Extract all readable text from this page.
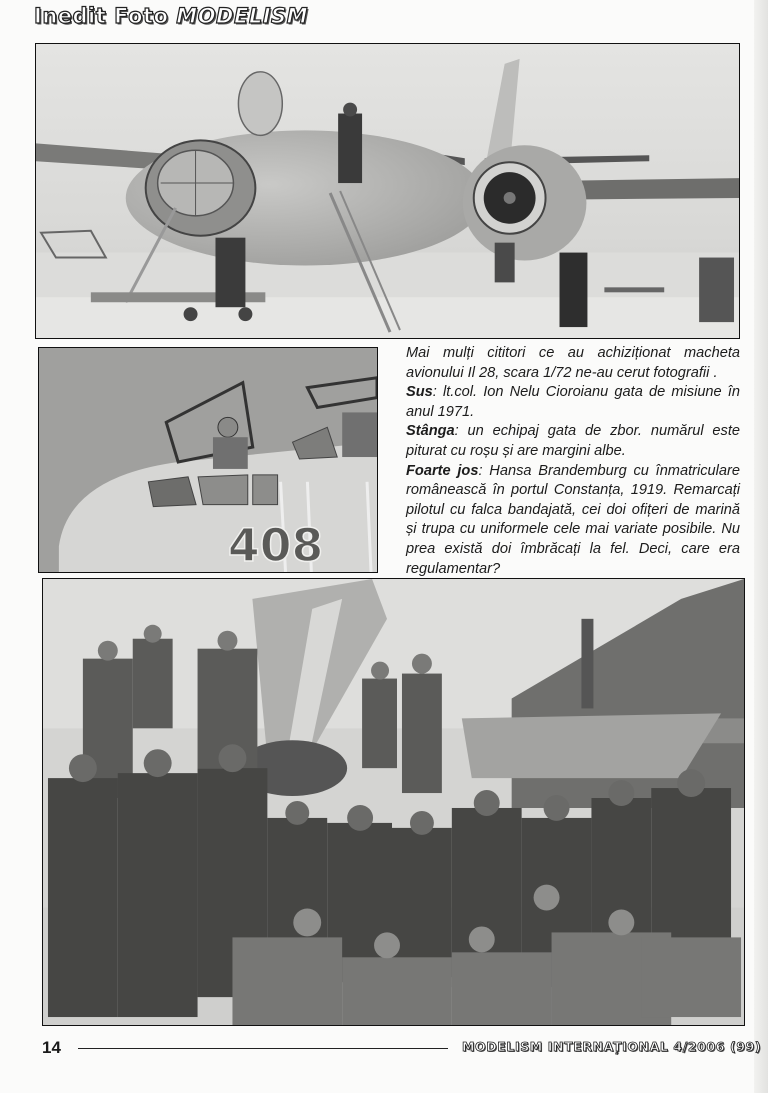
Inedit Foto MODELISM
408

Mai mulți cititori ce au achiziționat macheta avionului Il 28, scara 1/72 ne-au cerut fotografii .

Sus: lt.col. Ion Nelu Cioroianu gata de misiune în anul 1971.

Stânga: un echipaj gata de zbor. numărul este piturat cu roșu și are margini albe.

Foarte jos: Hansa Brandemburg cu înmatriculare românească în portul Constanța, 1919. Remarcați pilotul cu falca bandajată, cei doi ofițeri de marină și trupa cu uniformele cele mai variate posibile. Nu prea există doi îmbrăcați la fel. Deci, care era regulamentar?

14	MODELISM INTERNAȚIONAL 4/2006 (99)
